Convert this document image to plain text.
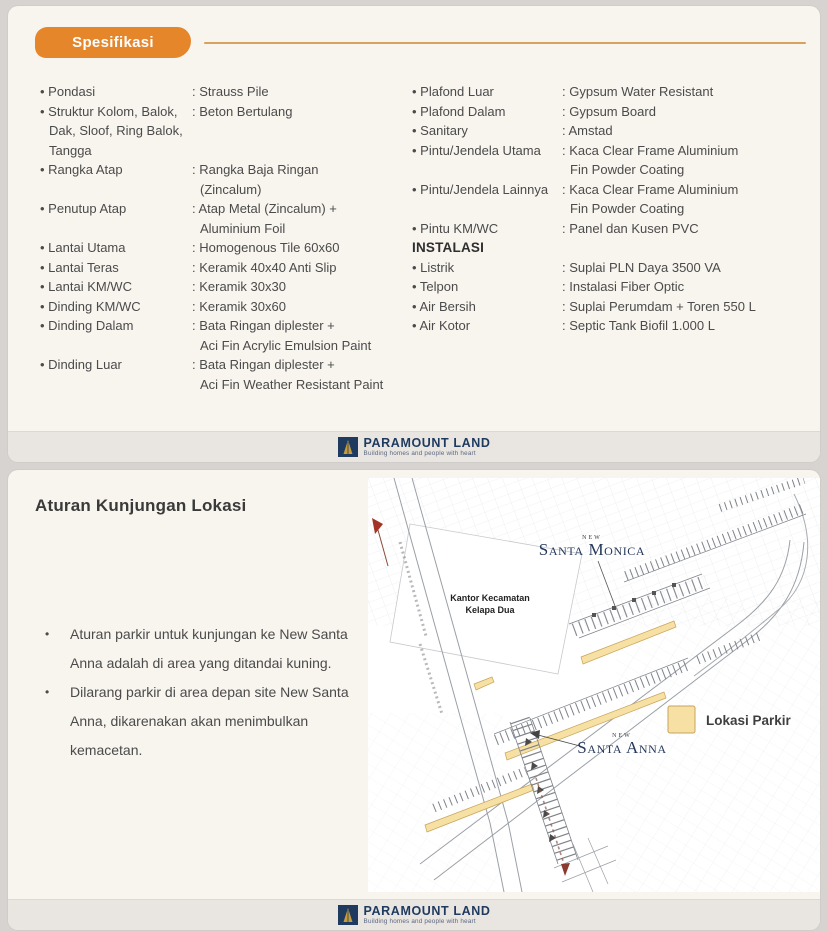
Spesifikasi
• Pondasi	: Strauss Pile
• Struktur Kolom, Balok,
Dak, Sloof, Ring Balok,
Tangga
: Beton Bertulang
• Rangka Atap	: Rangka Baja Ringan
(Zincalum)
• Penutup Atap	: Atap Metal (Zincalum) +
Aluminium Foil
• Lantai Utama	: Homogenous Tile 60x60
• Lantai Teras	: Keramik 40x40 Anti Slip
• Lantai KM/WC	: Keramik 30x30
• Dinding KM/WC	: Keramik 30x60
• Dinding Dalam	: Bata Ringan diplester +
Aci Fin Acrylic Emulsion Paint
• Dinding Luar	: Bata Ringan diplester +
Aci Fin Weather Resistant Paint
• Plafond Luar	: Gypsum Water Resistant
• Plafond Dalam	: Gypsum Board
• Sanitary	: Amstad
• Pintu/Jendela Utama	: Kaca Clear Frame Aluminium
Fin Powder Coating
• Pintu/Jendela Lainnya	: Kaca Clear Frame Aluminium
Fin Powder Coating
• Pintu KM/WC	: Panel dan Kusen PVC
INSTALASI
• Listrik	: Suplai PLN Daya 3500 VA
• Telpon	: Instalasi Fiber Optic
• Air Bersih	: Suplai Perumdam + Toren 550 L
• Air Kotor	: Septic Tank Biofil 1.000 L
PARAMOUNT LAND
Building homes and people with heart
Aturan Kunjungan Lokasi
•	Aturan parkir untuk kunjungan ke New Santa Anna adalah di area yang ditandai kuning.
•	Dilarang parkir di area depan site New Santa Anna, dikarenakan akan menimbulkan kemacetan.
NEW
Santa Monica
Kantor Kecamatan
Kelapa Dua
NEW
Santa Anna
Lokasi Parkir
PARAMOUNT LAND
Building homes and people with heart
